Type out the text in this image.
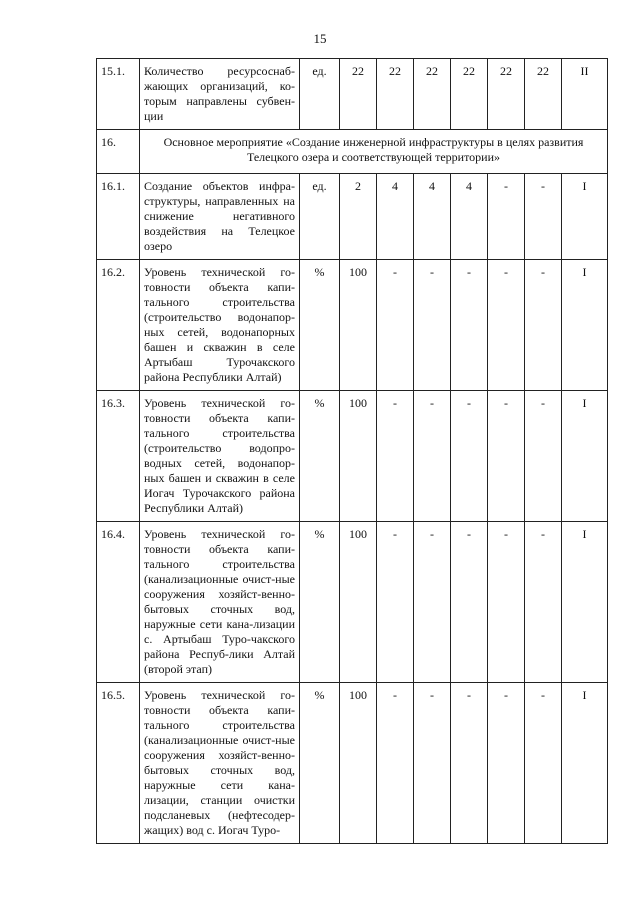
15
15.1.	Количество ресурсоснаб-жающих организаций, ко-торым направлены субвен-ции	ед.	22	22	22	22	22	22	II
16.	Основное мероприятие «Создание инженерной инфраструктуры в целях развития Телецкого озера и соответствующей территории»								
16.1.	Создание объектов инфра-структуры, направленных на снижение негативного воздействия на Телецкое озеро	ед.	2	4	4	4	-	-	I
16.2.	Уровень технической го-товности объекта капи-тального строительства (строительство водонапор-ных сетей, водонапорных башен и скважин в селе Артыбаш Турочакского района Республики Алтай)	%	100	-	-	-	-	-	I
16.3.	Уровень технической го-товности объекта капи-тального строительства (строительство водопро-водных сетей, водонапор-ных башен и скважин в селе Иогач Турочакского района Республики Алтай)	%	100	-	-	-	-	-	I
16.4.	Уровень технической го-товности объекта капи-тального строительства (канализационные очист-ные сооружения хозяйст-венно-бытовых сточных вод, наружные сети кана-лизации с. Артыбаш Туро-чакского района Респуб-лики Алтай (второй этап)	%	100	-	-	-	-	-	I
16.5.	Уровень технической го-товности объекта капи-тального строительства (канализационные очист-ные сооружения хозяйст-венно-бытовых сточных вод, наружные сети кана-лизации, станции очистки подсланевых (нефтесодер-жащих) вод с. Иогач Туро-	%	100	-	-	-	-	-	I
